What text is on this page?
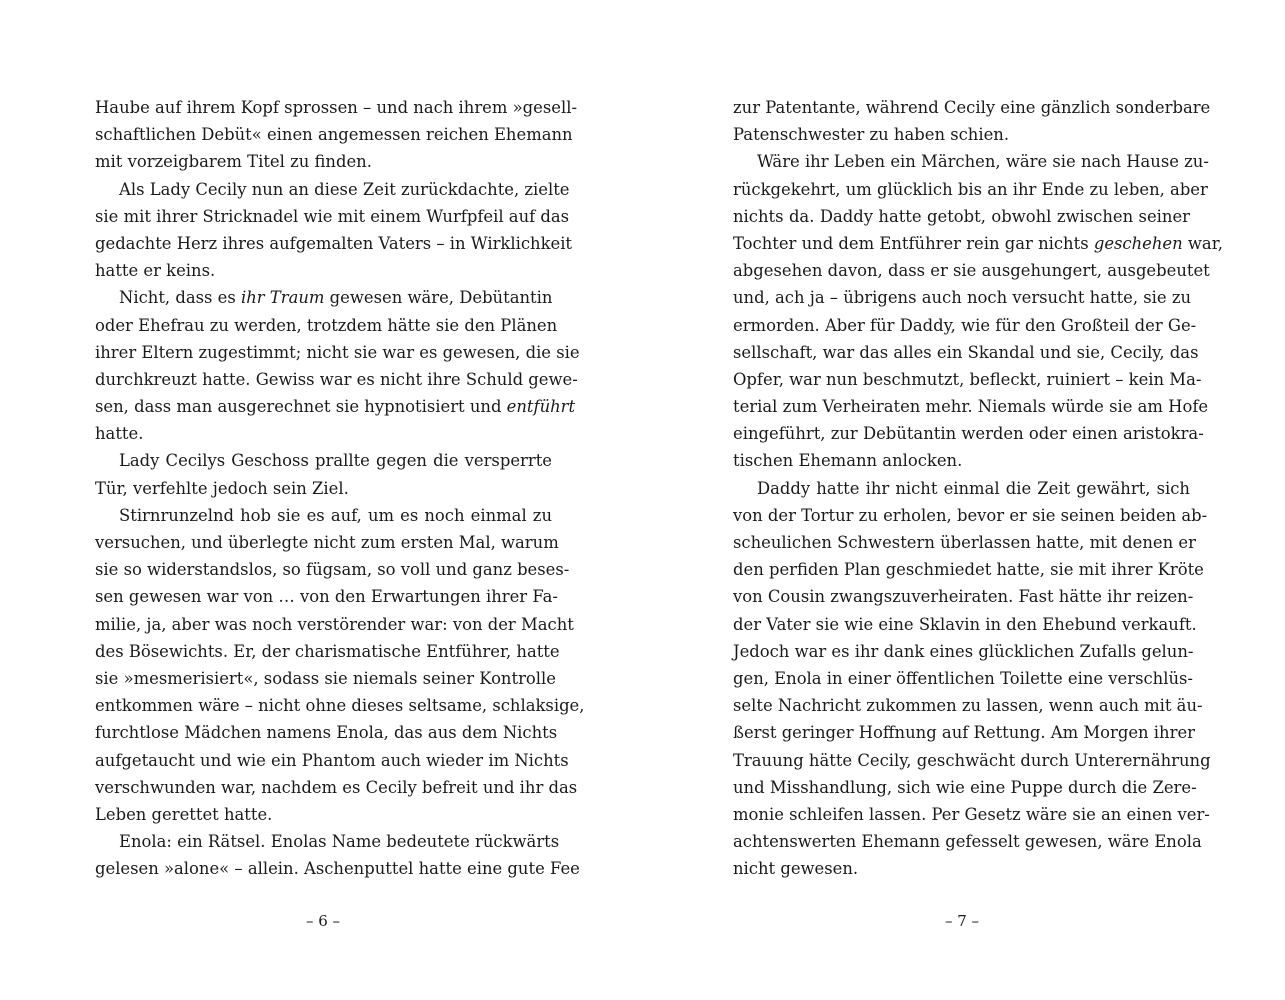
Haube auf ihrem Kopf sprossen – und nach ihrem »gesell-
schaftlichen Debüt« einen angemessen reichen Ehemann
mit vorzeigbarem Titel zu finden.
Als Lady Cecily nun an diese Zeit zurückdachte, zielte
sie mit ihrer Stricknadel wie mit einem Wurfpfeil auf das
gedachte Herz ihres aufgemalten Vaters – in Wirklichkeit
hatte er keins.
Nicht, dass es ihr Traum gewesen wäre, Debütantin
oder Ehefrau zu werden, trotzdem hätte sie den Plänen
ihrer Eltern zugestimmt; nicht sie war es gewesen, die sie
durchkreuzt hatte. Gewiss war es nicht ihre Schuld gewe-
sen, dass man ausgerechnet sie hypnotisiert und entführt
hatte.
Lady Cecilys Geschoss prallte gegen die versperrte
Tür, verfehlte jedoch sein Ziel.
Stirnrunzelnd hob sie es auf, um es noch einmal zu
versuchen, und überlegte nicht zum ersten Mal, warum
sie so widerstandslos, so fügsam, so voll und ganz beses-
sen gewesen war von … von den Erwartungen ihrer Fa-
milie, ja, aber was noch verstörender war: von der Macht
des Bösewichts. Er, der charismatische Entführer, hatte
sie »mesmerisiert«, sodass sie niemals seiner Kontrolle
entkommen wäre – nicht ohne dieses seltsame, schlaksige,
furchtlose Mädchen namens Enola, das aus dem Nichts
aufgetaucht und wie ein Phantom auch wieder im Nichts
verschwunden war, nachdem es Cecily befreit und ihr das
Leben gerettet hatte.
Enola: ein Rätsel. Enolas Name bedeutete rückwärts
gelesen »alone« – allein. Aschenputtel hatte eine gute Fee
– 6 –
zur Patentante, während Cecily eine gänzlich sonderbare
Patenschwester zu haben schien.
Wäre ihr Leben ein Märchen, wäre sie nach Hause zu-
rückgekehrt, um glücklich bis an ihr Ende zu leben, aber
nichts da. Daddy hatte getobt, obwohl zwischen seiner
Tochter und dem Entführer rein gar nichts geschehen war,
abgesehen davon, dass er sie ausgehungert, ausgebeutet
und, ach ja – übrigens auch noch versucht hatte, sie zu
ermorden. Aber für Daddy, wie für den Großteil der Ge-
sellschaft, war das alles ein Skandal und sie, Cecily, das
Opfer, war nun beschmutzt, befleckt, ruiniert – kein Ma-
terial zum Verheiraten mehr. Niemals würde sie am Hofe
eingeführt, zur Debütantin werden oder einen aristokra-
tischen Ehemann anlocken.
Daddy hatte ihr nicht einmal die Zeit gewährt, sich
von der Tortur zu erholen, bevor er sie seinen beiden ab-
scheulichen Schwestern überlassen hatte, mit denen er
den perfiden Plan geschmiedet hatte, sie mit ihrer Kröte
von Cousin zwangszuverheiraten. Fast hätte ihr reizen-
der Vater sie wie eine Sklavin in den Ehebund verkauft.
Jedoch war es ihr dank eines glücklichen Zufalls gelun-
gen, Enola in einer öffentlichen Toilette eine verschlüs-
selte Nachricht zukommen zu lassen, wenn auch mit äu-
ßerst geringer Hoffnung auf Rettung. Am Morgen ihrer
Trauung hätte Cecily, geschwächt durch Unterernährung
und Misshandlung, sich wie eine Puppe durch die Zere-
monie schleifen lassen. Per Gesetz wäre sie an einen ver-
achtenswerten Ehemann gefesselt gewesen, wäre Enola
nicht gewesen.
– 7 –
